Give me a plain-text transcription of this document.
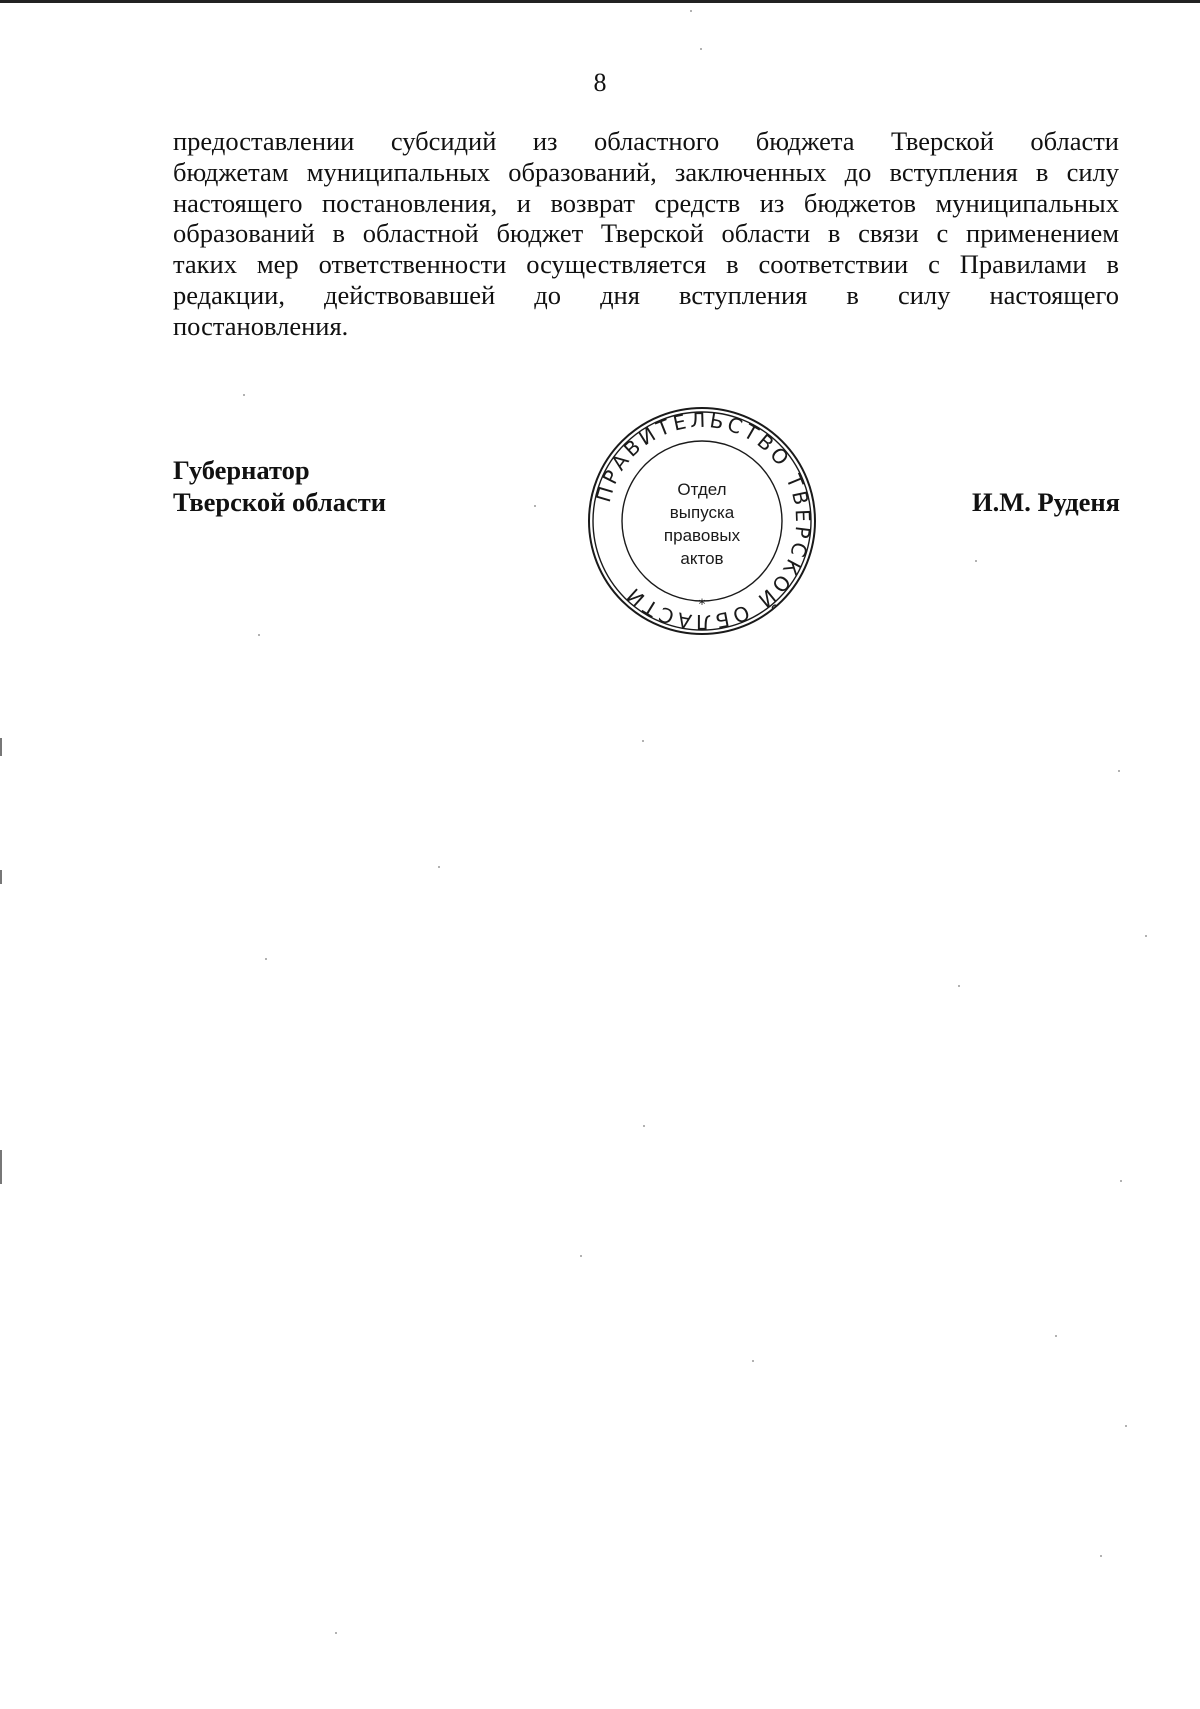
8
предоставлении субсидий из областного бюджета Тверской области
бюджетам муниципальных образований, заключенных до вступления в силу
настоящего постановления, и возврат средств из бюджетов муниципальных
образований в областной бюджет Тверской области в связи с применением
таких мер ответственности осуществляется в соответствии с Правилами в
редакции, действовавшей до дня вступления в силу настоящего
постановления.
Губернатор
Тверской области	И.М. Руденя
ПРАВИТЕЛЬСТВО ТВЕРСКОЙ ОБЛАСТИ
Отдел
выпуска
правовых
актов
*
